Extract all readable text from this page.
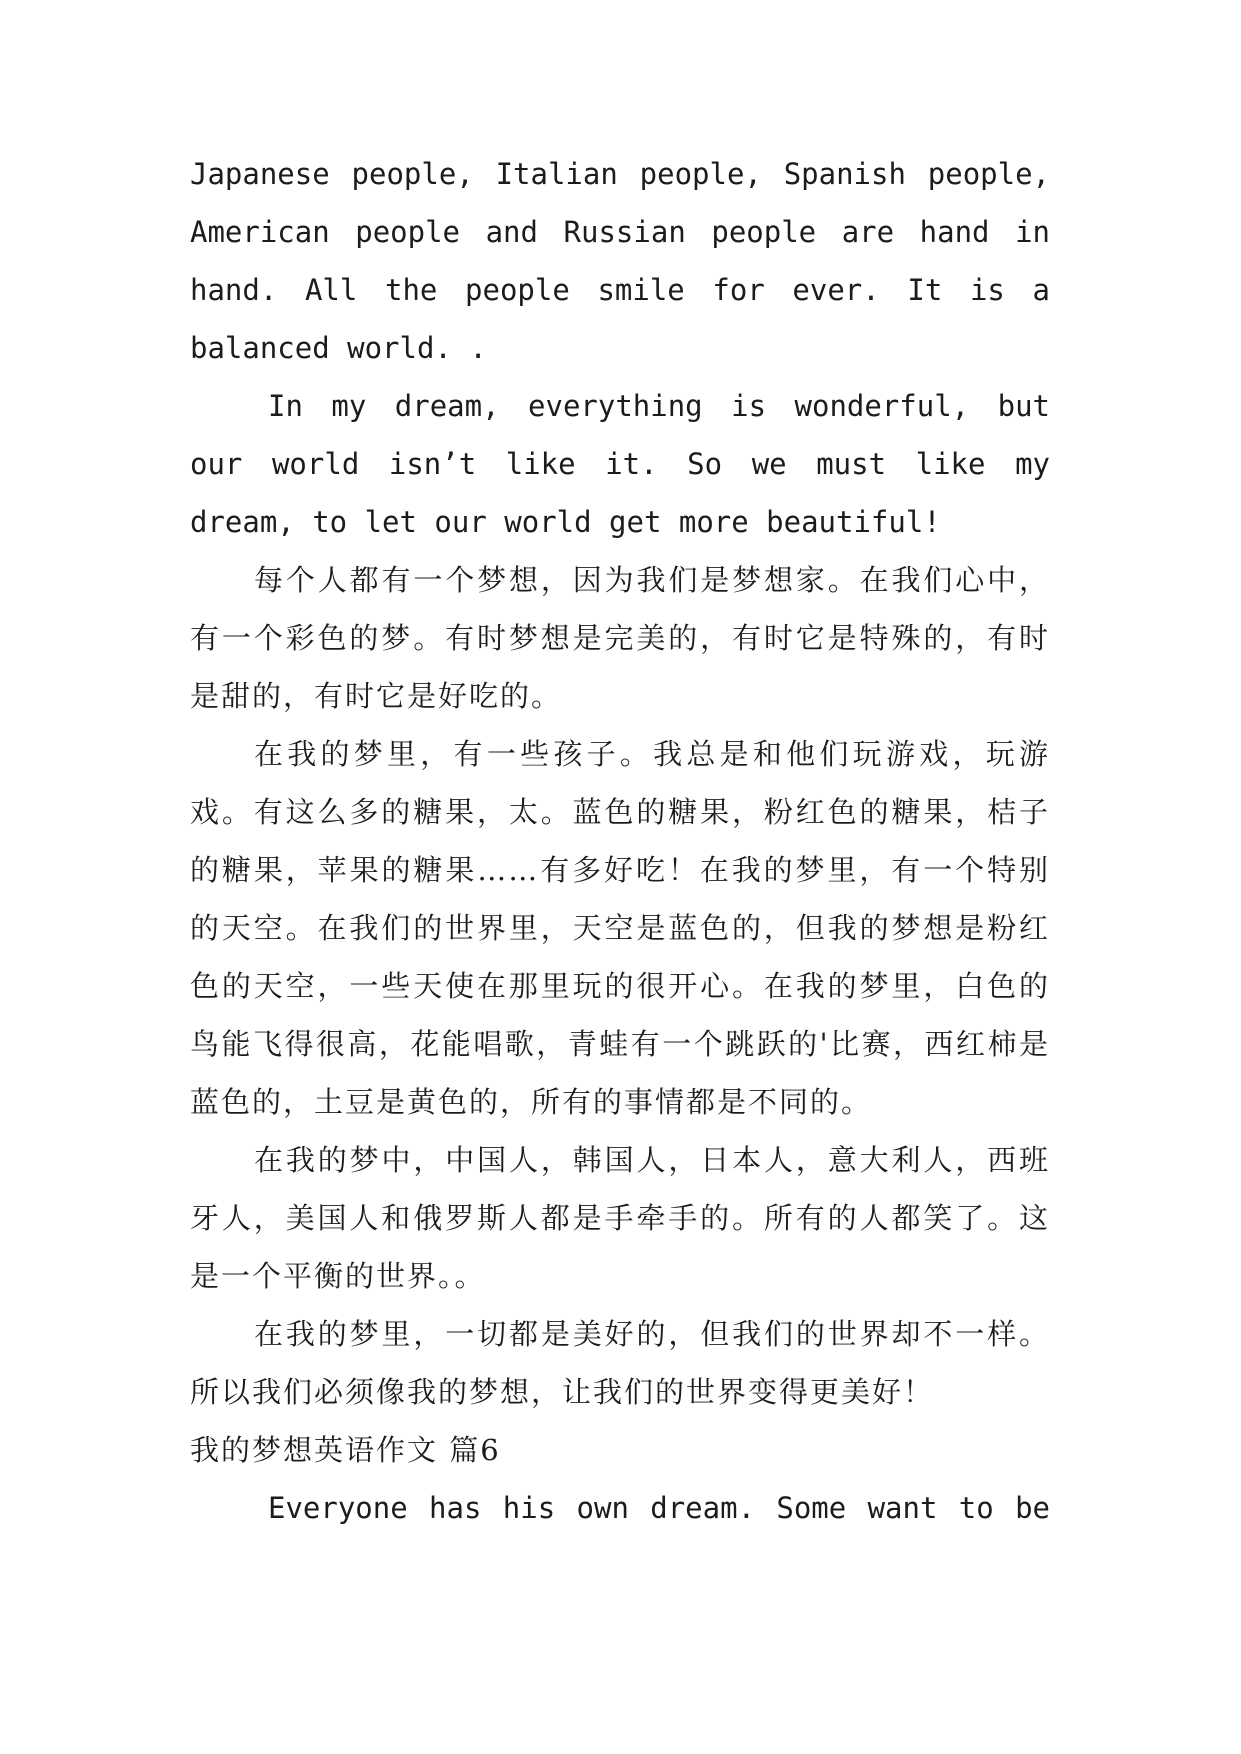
Japanese people, Italian people, Spanish people, American people and Russian people are hand in hand. All the people smile for ever. It is a balanced world. .

In my dream, everything is wonderful, but our world isn’t like it. So we must like my dream, to let our world get more beautiful!

每个人都有一个梦想，因为我们是梦想家。在我们心中，有一个彩色的梦。有时梦想是完美的，有时它是特殊的，有时是甜的，有时它是好吃的。

在我的梦里，有一些孩子。我总是和他们玩游戏，玩游戏。有这么多的糖果，太。蓝色的糖果，粉红色的糖果，桔子的糖果，苹果的糖果……有多好吃！在我的梦里，有一个特别的天空。在我们的世界里，天空是蓝色的，但我的梦想是粉红色的天空，一些天使在那里玩的很开心。在我的梦里，白色的鸟能飞得很高，花能唱歌，青蛙有一个跳跃的'比赛，西红柿是蓝色的，土豆是黄色的，所有的事情都是不同的。

在我的梦中，中国人，韩国人，日本人，意大利人，西班牙人，美国人和俄罗斯人都是手牵手的。所有的人都笑了。这是一个平衡的世界。。

在我的梦里，一切都是美好的，但我们的世界却不一样。所以我们必须像我的梦想，让我们的世界变得更美好！

我的梦想英语作文 篇6

Everyone has his own dream. Some want to be
